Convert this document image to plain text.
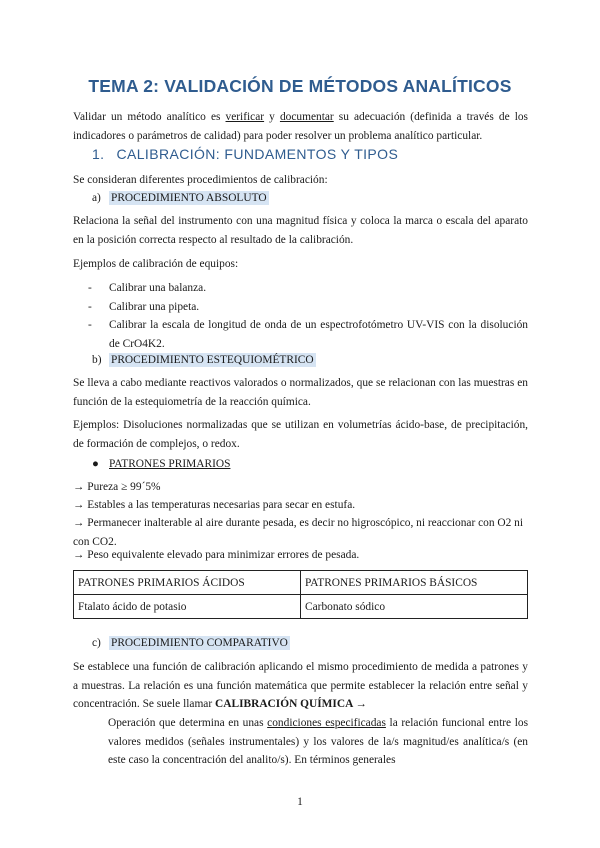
TEMA 2: VALIDACIÓN DE MÉTODOS ANALÍTICOS
Validar un método analítico es verificar y documentar su adecuación (definida a través de los indicadores o parámetros de calidad) para poder resolver un problema analítico particular.
1. CALIBRACIÓN: FUNDAMENTOS Y TIPOS
Se consideran diferentes procedimientos de calibración:
a) PROCEDIMIENTO ABSOLUTO
Relaciona la señal del instrumento con una magnitud física y coloca la marca o escala del aparato en la posición correcta respecto al resultado de la calibración.
Ejemplos de calibración de equipos:
- Calibrar una balanza.
- Calibrar una pipeta.
- Calibrar la escala de longitud de onda de un espectrofotómetro UV-VIS con la disolución de CrO4K2.
b) PROCEDIMIENTO ESTEQUIOMÉTRICO
Se lleva a cabo mediante reactivos valorados o normalizados, que se relacionan con las muestras en función de la estequiometría de la reacción química.
Ejemplos: Disoluciones normalizadas que se utilizan en volumetrías ácido-base, de precipitación, de formación de complejos, o redox.
● PATRONES PRIMARIOS
→ Pureza ≥ 99´5%
→ Estables a las temperaturas necesarias para secar en estufa.
→ Permanecer inalterable al aire durante pesada, es decir no higroscópico, ni reaccionar con O2 ni con CO2.
→ Peso equivalente elevado para minimizar errores de pesada.
PATRONES PRIMARIOS ÁCIDOS	PATRONES PRIMARIOS BÁSICOS
Ftalato ácido de potasio	Carbonato sódico
c) PROCEDIMIENTO COMPARATIVO
Se establece una función de calibración aplicando el mismo procedimiento de medida a patrones y a muestras. La relación es una función matemática que permite establecer la relación entre señal y concentración. Se suele llamar CALIBRACIÓN QUÍMICA →
Operación que determina en unas condiciones especificadas la relación funcional entre los valores medidos (señales instrumentales) y los valores de la/s magnitud/es analítica/s (en este caso la concentración del analito/s). En términos generales
1
